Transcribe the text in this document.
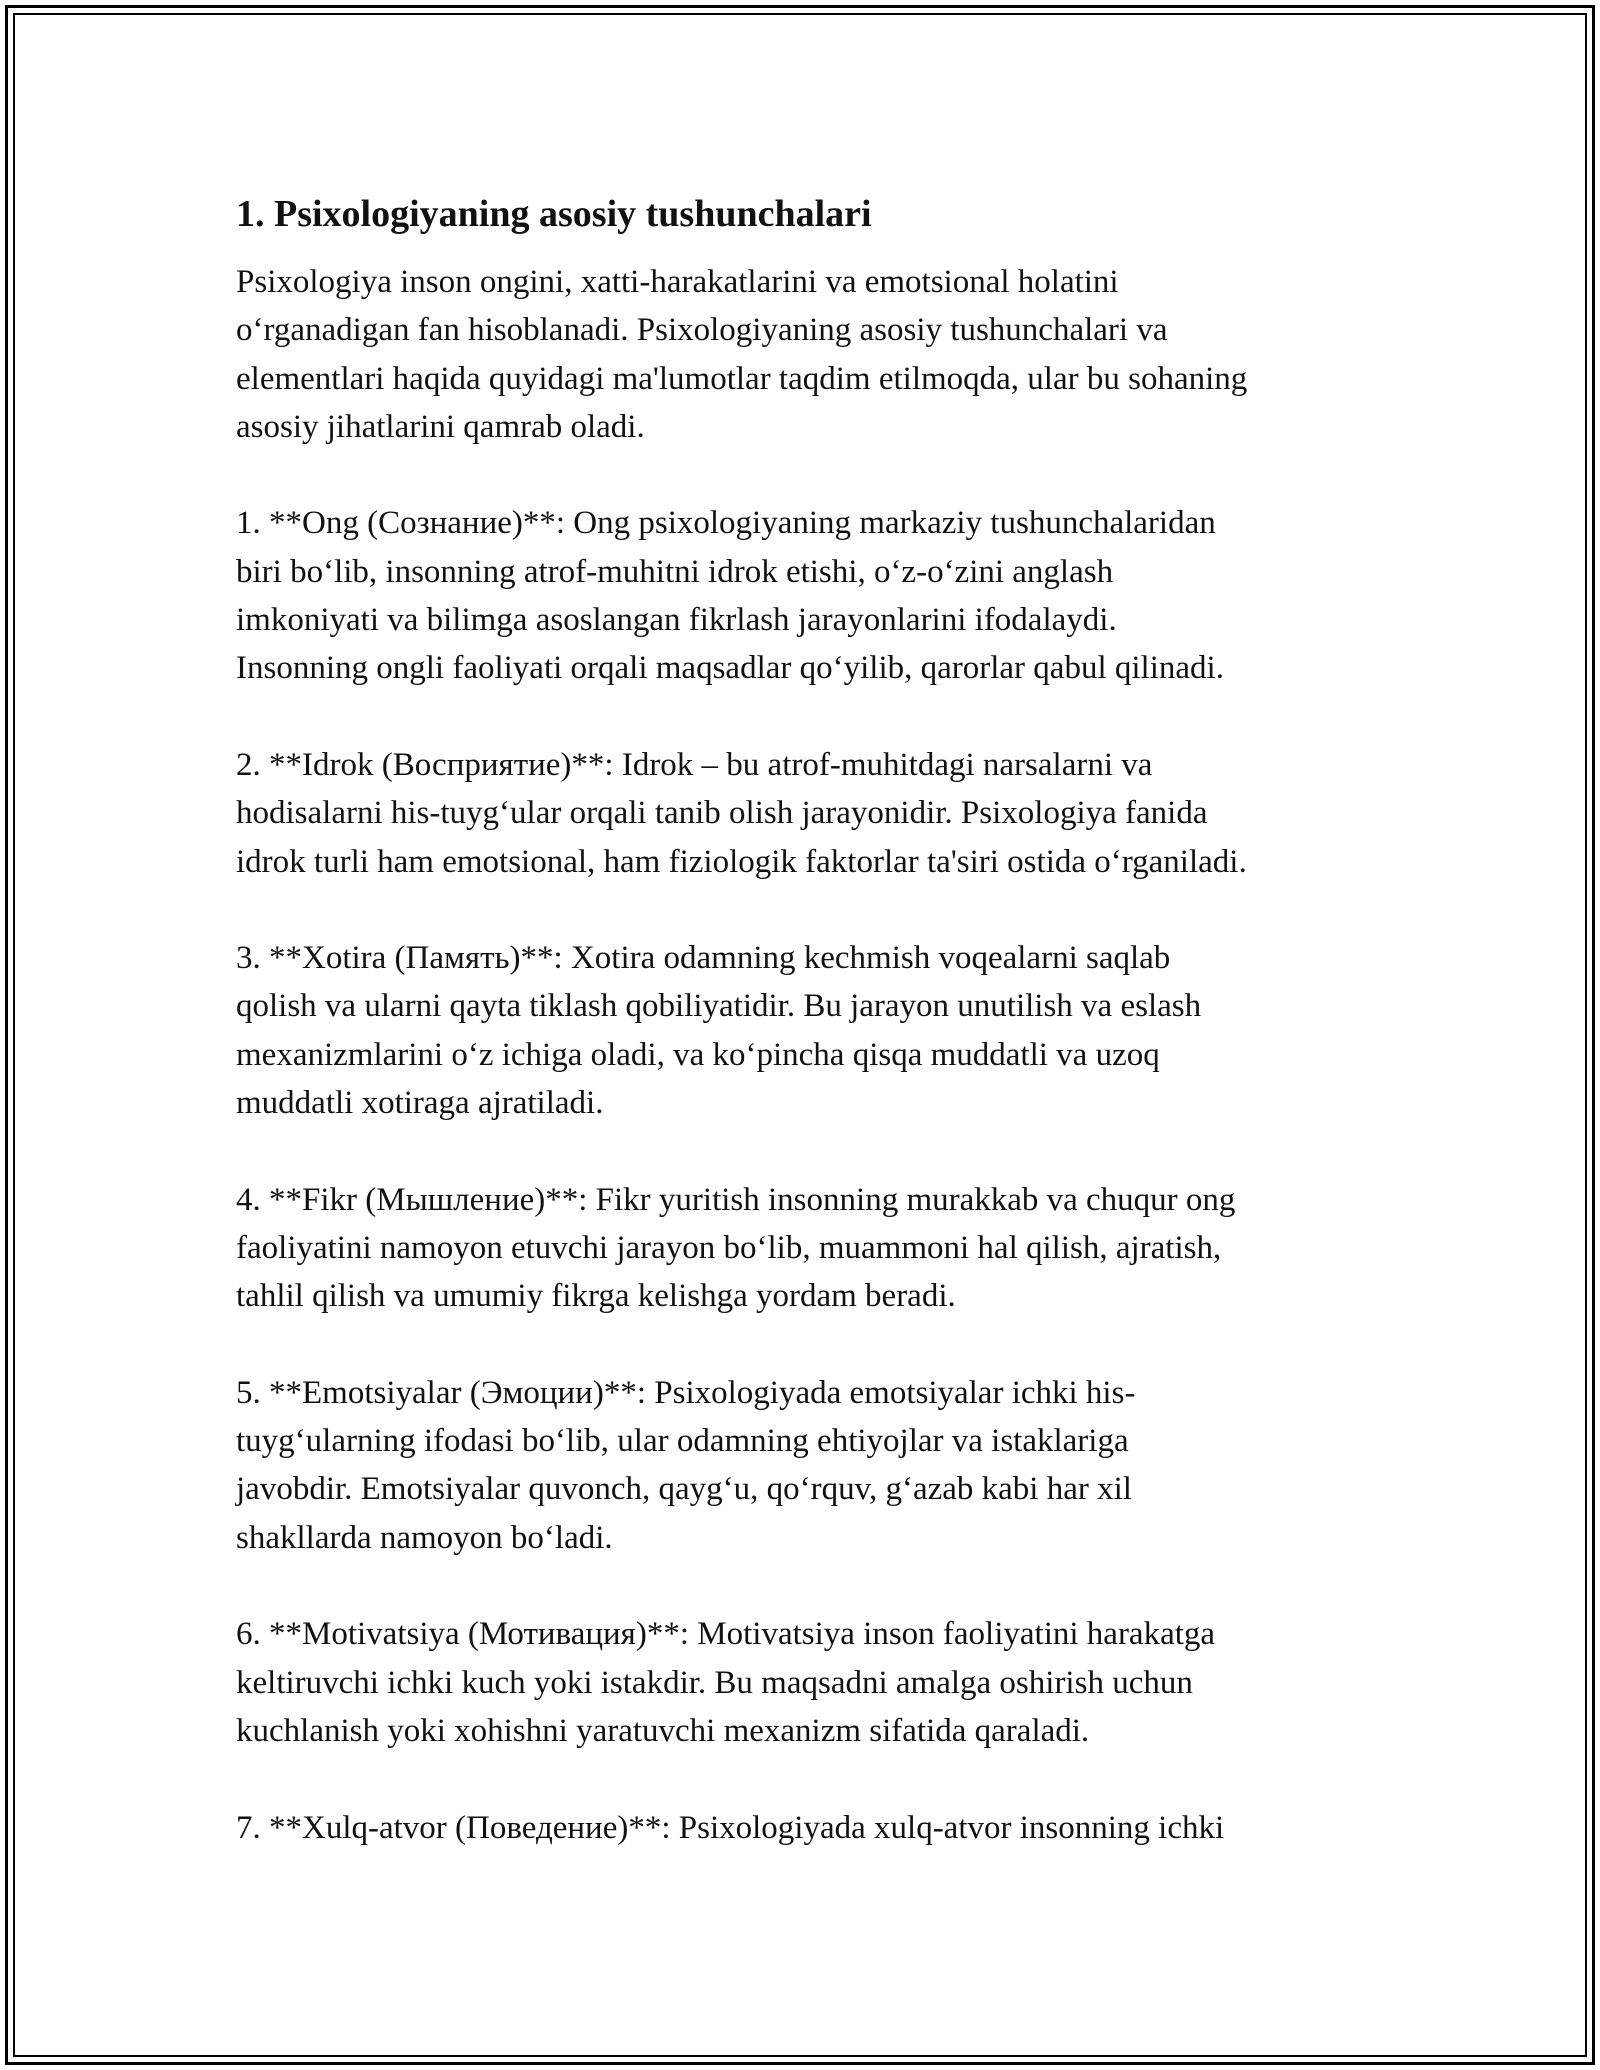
1. Psixologiyaning asosiy tushunchalari
Psixologiya inson ongini, xatti-harakatlarini va emotsional holatini
oʻrganadigan fan hisoblanadi. Psixologiyaning asosiy tushunchalari va
elementlari haqida quyidagi ma'lumotlar taqdim etilmoqda, ular bu sohaning
asosiy jihatlarini qamrab oladi.
1. **Ong (Сознание)**: Ong psixologiyaning markaziy tushunchalaridan
biri boʻlib, insonning atrof-muhitni idrok etishi, oʻz-oʻzini anglash
imkoniyati va bilimga asoslangan fikrlash jarayonlarini ifodalaydi.
Insonning ongli faoliyati orqali maqsadlar qoʻyilib, qarorlar qabul qilinadi.
2. **Idrok (Восприятие)**: Idrok – bu atrof-muhitdagi narsalarni va
hodisalarni his-tuygʻular orqali tanib olish jarayonidir. Psixologiya fanida
idrok turli ham emotsional, ham fiziologik faktorlar ta'siri ostida oʻrganiladi.
3. **Xotira (Память)**: Xotira odamning kechmish voqealarni saqlab
qolish va ularni qayta tiklash qobiliyatidir. Bu jarayon unutilish va eslash
mexanizmlarini oʻz ichiga oladi, va koʻpincha qisqa muddatli va uzoq
muddatli xotiraga ajratiladi.
4. **Fikr (Мышление)**: Fikr yuritish insonning murakkab va chuqur ong
faoliyatini namoyon etuvchi jarayon boʻlib, muammoni hal qilish, ajratish,
tahlil qilish va umumiy fikrga kelishga yordam beradi.
5. **Emotsiyalar (Эмоции)**: Psixologiyada emotsiyalar ichki his-
tuygʻularning ifodasi boʻlib, ular odamning ehtiyojlar va istaklariga
javobdir. Emotsiyalar quvonch, qaygʻu, qoʻrquv, gʻazab kabi har xil
shakllarda namoyon boʻladi.
6. **Motivatsiya (Мотивация)**: Motivatsiya inson faoliyatini harakatga
keltiruvchi ichki kuch yoki istakdir. Bu maqsadni amalga oshirish uchun
kuchlanish yoki xohishni yaratuvchi mexanizm sifatida qaraladi.
7. **Xulq-atvor (Поведение)**: Psixologiyada xulq-atvor insonning ichki
